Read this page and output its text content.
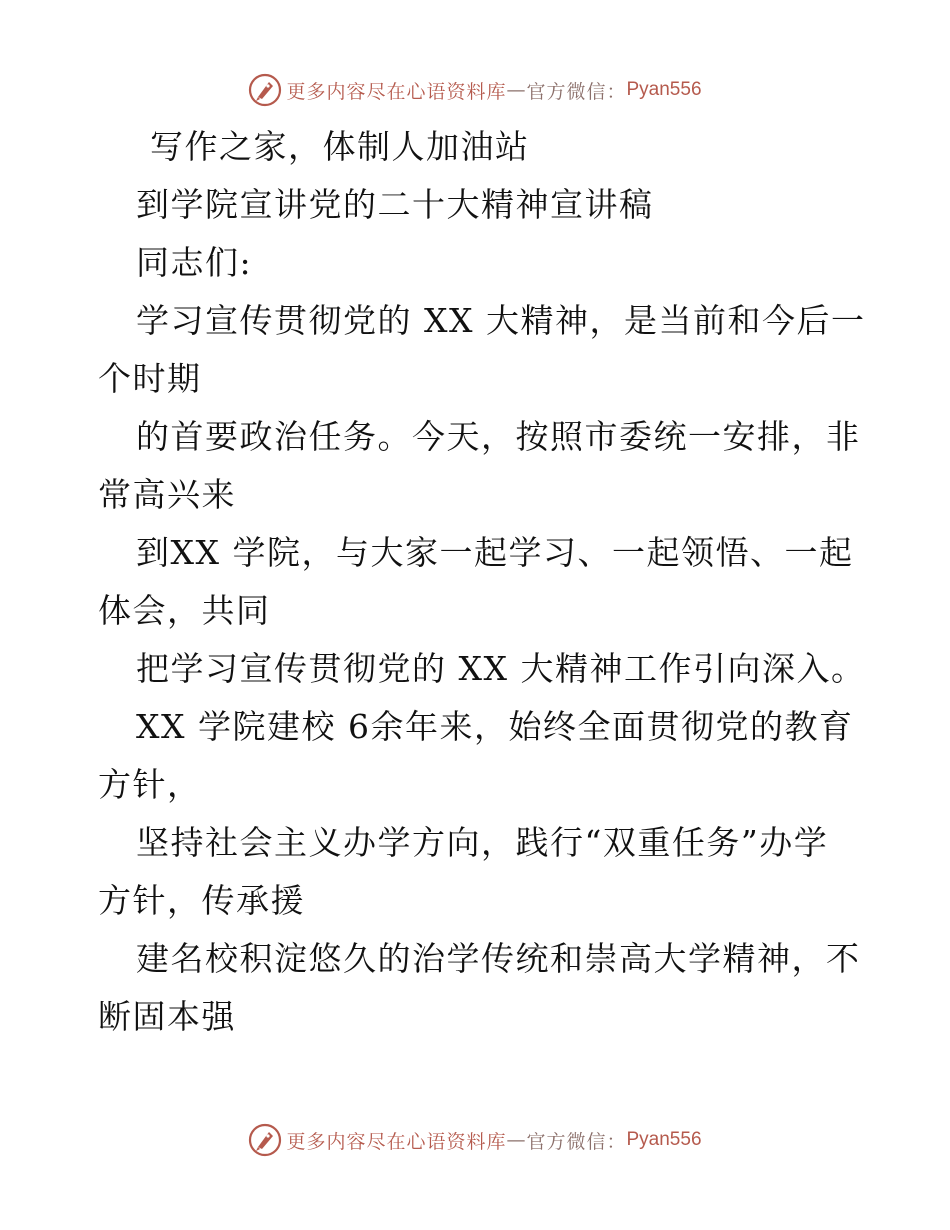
更多内容尽在心语资料库 — 官方微信： Pyan556
写作之家，体制人加油站
到学院宣讲党的二十大精神宣讲稿
同志们:
学习宣传贯彻党的 XX 大精神，是当前和今后一
个时期
的首要政治任务。今天，按照市委统一安排，非
常高兴来
到XX 学院，与大家一起学习、一起领悟、一起
体会，共同
把学习宣传贯彻党的 XX 大精神工作引向深入。
XX 学院建校 6余年来，始终全面贯彻党的教育
方针，
坚持社会主义办学方向，践行“双重任务”办学
方针，传承援
建名校积淀悠久的治学传统和崇高大学精神，不
断固本强
更多内容尽在心语资料库 — 官方微信： Pyan556
